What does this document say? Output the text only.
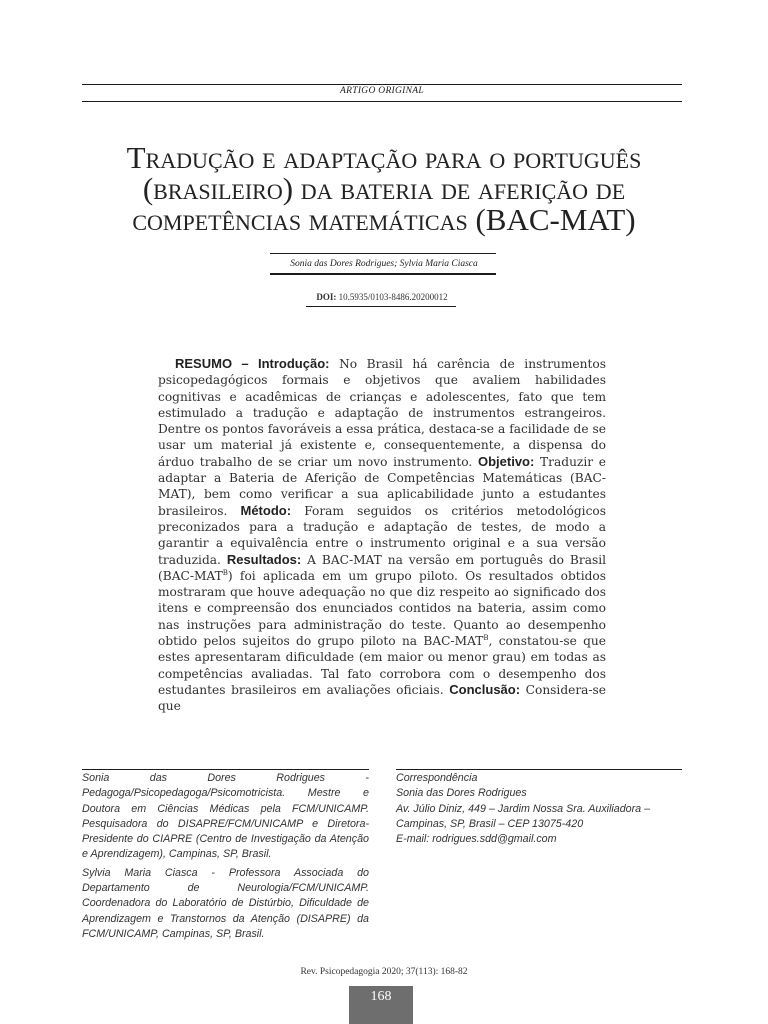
ARTIGO ORIGINAL
Tradução e adaptação para o português (brasileiro) da bateria de aferição de competências matemáticas (BAC-MAT)
Sonia das Dores Rodrigues; Sylvia Maria Ciasca
DOI: 10.5935/0103-8486.20200012
RESUMO – Introdução: No Brasil há carência de instrumentos psicopedagógicos formais e objetivos que avaliem habilidades cognitivas e acadêmicas de crianças e adolescentes, fato que tem estimulado a tradução e adaptação de instrumentos estrangeiros. Dentre os pontos favoráveis a essa prática, destaca-se a facilidade de se usar um material já existente e, consequentemente, a dispensa do árduo trabalho de se criar um novo instrumento. Objetivo: Traduzir e adaptar a Bateria de Aferição de Competências Matemáticas (BAC-MAT), bem como verificar a sua aplicabilidade junto a estudantes brasileiros. Método: Foram seguidos os critérios metodológicos preconizados para a tradução e adaptação de testes, de modo a garantir a equivalência entre o instrumento original e a sua versão traduzida. Resultados: A BAC-MAT na versão em português do Brasil $(BAC-MAT^B)$ foi aplicada em um grupo piloto. Os resultados obtidos mostraram que houve adequação no que diz respeito ao significado dos itens e compreensão dos enunciados contidos na bateria, assim como nas instruções para administração do teste. Quanto ao desempenho obtido pelos sujeitos do grupo piloto na BAC-$MAT^B$, constatou-se que estes apresentaram dificuldade (em maior ou menor grau) em todas as competências avaliadas. Tal fato corrobora com o desempenho dos estudantes brasileiros em avaliações oficiais. Conclusão: Considera-se que

Sonia das Dores Rodrigues - Pedagoga/Psicopedagoga/Psicomotricista. Mestre e Doutora em Ciências Médicas pela FCM/UNICAMP. Pesquisadora do DISAPRE/FCM/UNICAMP e Diretora-Presidente do CIAPRE (Centro de Investigação da Atenção e Aprendizagem), Campinas, SP, Brasil.

Sylvia Maria Ciasca - Professora Associada do Departamento de Neurologia/FCM/UNICAMP. Coordenadora do Laboratório de Distúrbio, Dificuldade de Aprendizagem e Transtornos da Atenção (DISAPRE) da FCM/UNICAMP, Campinas, SP, Brasil.

Correspondência

Sonia das Dores Rodrigues

Av. Júlio Diniz, 449 – Jardim Nossa Sra. Auxiliadora – Campinas, SP, Brasil – CEP 13075-420

E-mail: rodrigues.sdd@gmail.com

Rev. Psicopedagogia 2020; 37(113): 168-82
168
